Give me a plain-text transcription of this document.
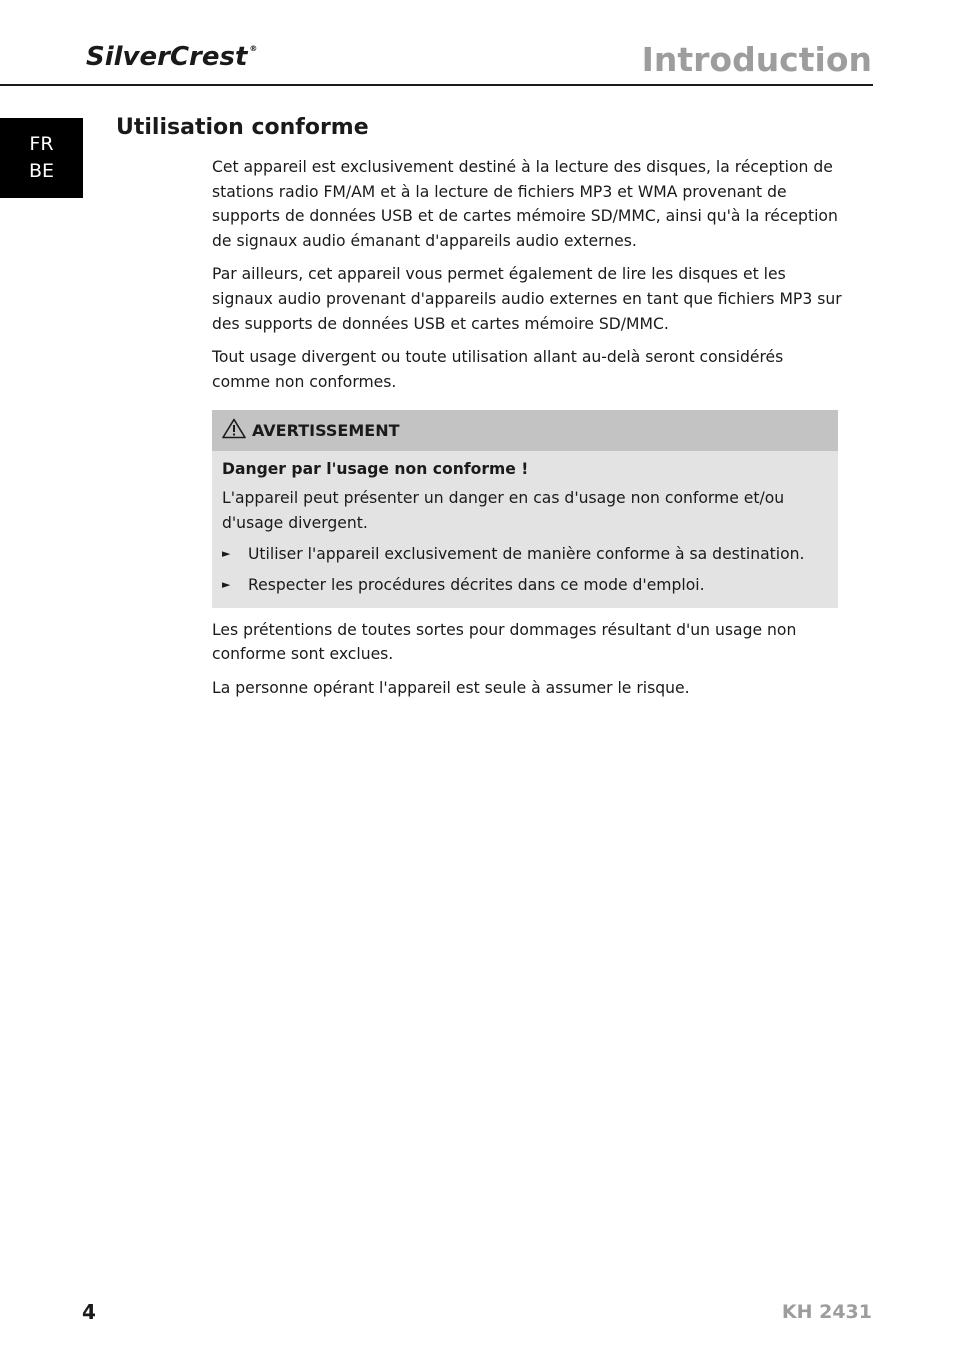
SilverCrest ®	Introduction
FR
BE
Utilisation conforme

Cet appareil est exclusivement destiné à la lecture des disques, la réception de stations radio FM/AM et à la lecture de fichiers MP3 et WMA provenant de supports de données USB et de cartes mémoire SD/MMC, ainsi qu'à la réception de signaux audio émanant d'appareils audio externes.

Par ailleurs, cet appareil vous permet également de lire les disques et les signaux audio provenant d'appareils audio externes en tant que fichiers MP3 sur des supports de données USB et cartes mémoire SD/MMC.

Tout usage divergent ou toute utilisation allant au-delà seront considérés comme non conformes.

AVERTISSEMENT
Danger par l'usage non conforme !

L'appareil peut présenter un danger en cas d'usage non conforme et/ou d'usage divergent.

►	Utiliser l'appareil exclusivement de manière conforme à sa destination.
►	Respecter les procédures décrites dans ce mode d'emploi.

Les prétentions de toutes sortes pour dommages résultant d'un usage non conforme sont exclues.

La personne opérant l'appareil est seule à assumer le risque.

4	KH 2431
